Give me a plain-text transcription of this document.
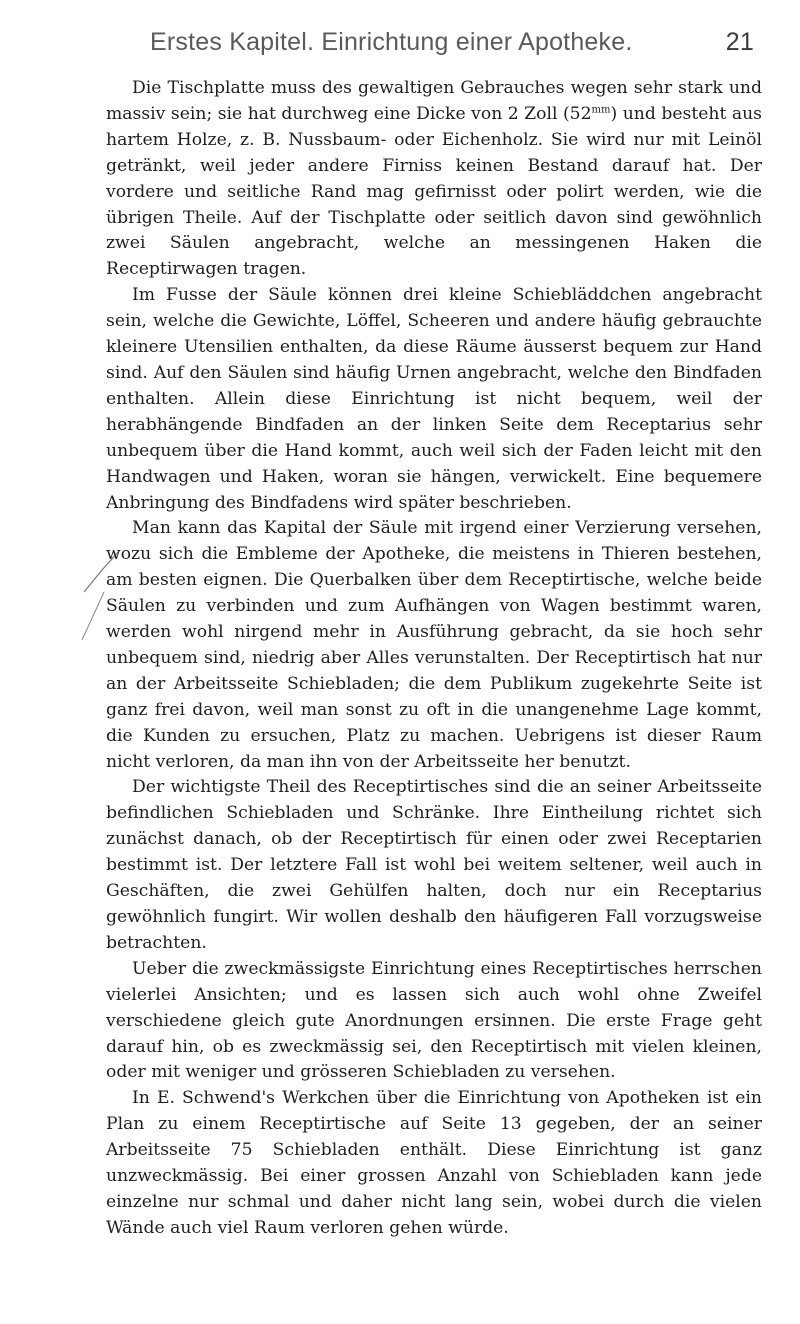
Erstes Kapitel. Einrichtung einer Apotheke.	21

Die Tischplatte muss des gewaltigen Gebrauches wegen sehr stark und massiv sein; sie hat durchweg eine Dicke von 2 Zoll $(52^{mm})$ und besteht aus hartem Holze, z. B. Nussbaum- oder Eichenholz. Sie wird nur mit Leinöl getränkt, weil jeder andere Firniss keinen Bestand darauf hat. Der vordere und seitliche Rand mag gefirnisst oder polirt werden, wie die übrigen Theile. Auf der Tischplatte oder seitlich davon sind gewöhnlich zwei Säulen angebracht, welche an messingenen Haken die Receptirwagen tragen.

Im Fusse der Säule können drei kleine Schiebläddchen angebracht sein, welche die Gewichte, Löffel, Scheeren und andere häufig gebrauchte kleinere Utensilien enthalten, da diese Räume äusserst bequem zur Hand sind. Auf den Säulen sind häufig Urnen angebracht, welche den Bindfaden enthalten. Allein diese Einrichtung ist nicht bequem, weil der herabhängende Bindfaden an der linken Seite dem Receptarius sehr unbequem über die Hand kommt, auch weil sich der Faden leicht mit den Handwagen und Haken, woran sie hängen, verwickelt. Eine bequemere Anbringung des Bindfadens wird später beschrieben.

Man kann das Kapital der Säule mit irgend einer Verzierung versehen, wozu sich die Embleme der Apotheke, die meistens in Thieren bestehen, am besten eignen. Die Querbalken über dem Receptirtische, welche beide Säulen zu verbinden und zum Aufhängen von Wagen bestimmt waren, werden wohl nirgend mehr in Ausführung gebracht, da sie hoch sehr unbequem sind, niedrig aber Alles verunstalten. Der Receptirtisch hat nur an der Arbeitsseite Schiebladen; die dem Publikum zugekehrte Seite ist ganz frei davon, weil man sonst zu oft in die unangenehme Lage kommt, die Kunden zu ersuchen, Platz zu machen. Uebrigens ist dieser Raum nicht verloren, da man ihn von der Arbeitsseite her benutzt.

Der wichtigste Theil des Receptirtisches sind die an seiner Arbeitsseite befindlichen Schiebladen und Schränke. Ihre Eintheilung richtet sich zunächst danach, ob der Receptirtisch für einen oder zwei Receptarien bestimmt ist. Der letztere Fall ist wohl bei weitem seltener, weil auch in Geschäften, die zwei Gehülfen halten, doch nur ein Receptarius gewöhnlich fungirt. Wir wollen deshalb den häufigeren Fall vorzugsweise betrachten.

Ueber die zweckmässigste Einrichtung eines Receptirtisches herrschen vielerlei Ansichten; und es lassen sich auch wohl ohne Zweifel verschiedene gleich gute Anordnungen ersinnen. Die erste Frage geht darauf hin, ob es zweckmässig sei, den Receptirtisch mit vielen kleinen, oder mit weniger und grösseren Schiebladen zu versehen.

In E. Schwend's Werkchen über die Einrichtung von Apotheken ist ein Plan zu einem Receptirtische auf Seite 13 gegeben, der an seiner Arbeitsseite 75 Schiebladen enthält. Diese Einrichtung ist ganz unzweckmässig. Bei einer grossen Anzahl von Schiebladen kann jede einzelne nur schmal und daher nicht lang sein, wobei durch die vielen Wände auch viel Raum verloren gehen würde.
